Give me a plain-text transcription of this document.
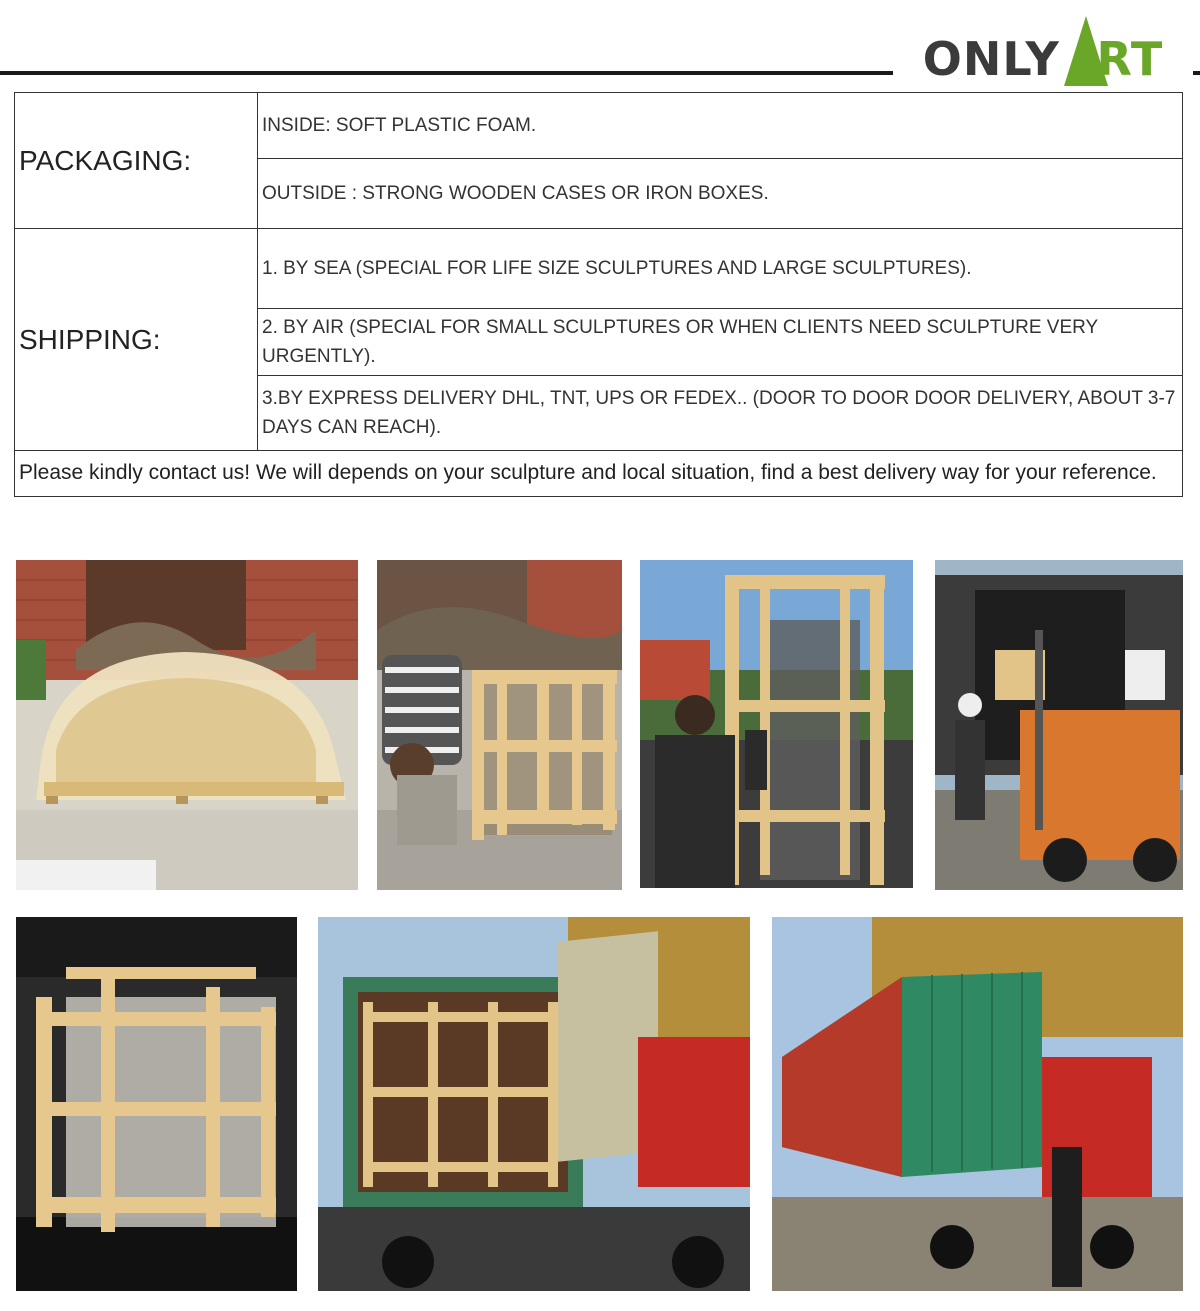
ONLY RT
PACKAGING:	INSIDE: SOFT PLASTIC FOAM.
	OUTSIDE : STRONG WOODEN CASES OR IRON BOXES.
SHIPPING:	1. BY SEA (SPECIAL FOR LIFE SIZE SCULPTURES AND LARGE SCULPTURES).
	2. BY AIR (SPECIAL FOR SMALL SCULPTURES OR WHEN CLIENTS NEED SCULPTURE VERY URGENTLY).
	3.BY EXPRESS DELIVERY DHL, TNT, UPS OR FEDEX.. (DOOR TO DOOR DOOR DELIVERY, ABOUT 3-7 DAYS CAN REACH).
Please kindly contact us! We will depends on your sculpture and local situation, find a best delivery way for your reference.	
